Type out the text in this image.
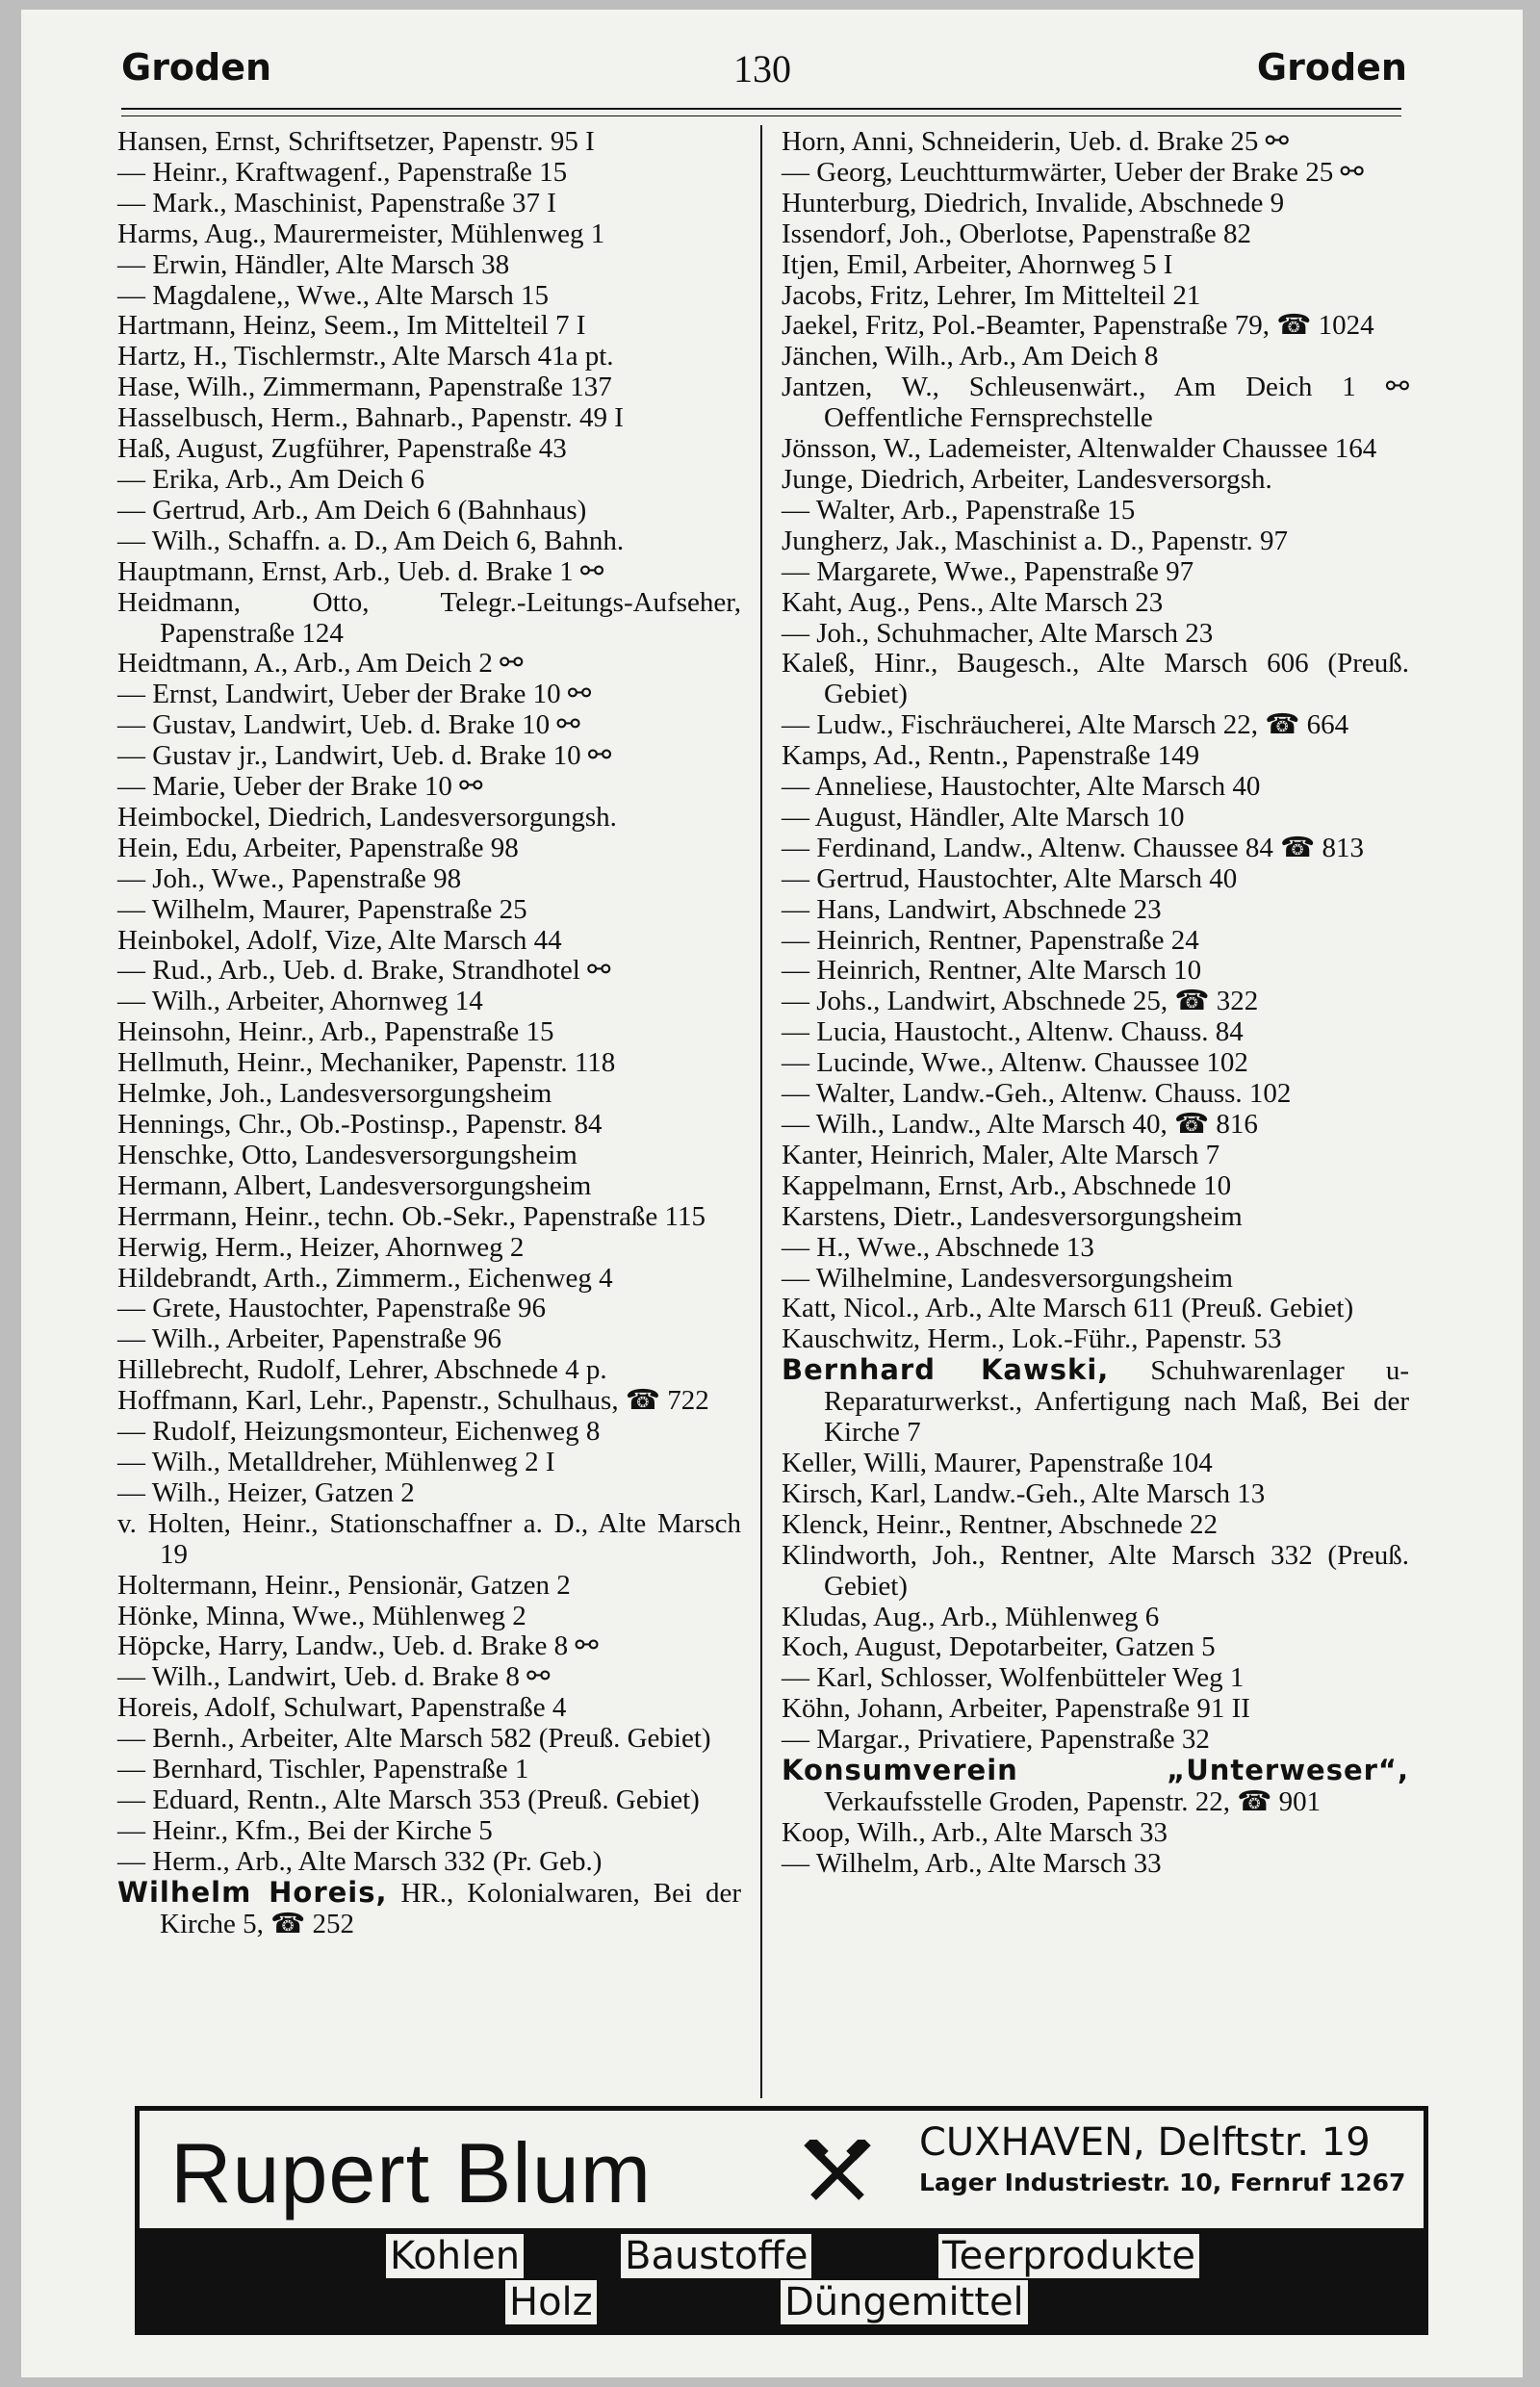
Groden	130	Groden
Hansen, Ernst, Schriftsetzer, Papenstr. 95 I
— Heinr., Kraftwagenf., Papenstraße 15
— Mark., Maschinist, Papenstraße 37 I
Harms, Aug., Maurermeister, Mühlenweg 1
— Erwin, Händler, Alte Marsch 38
— Magdalene,, Wwe., Alte Marsch 15
Hartmann, Heinz, Seem., Im Mittelteil 7 I
Hartz, H., Tischlermstr., Alte Marsch 41a pt.
Hase, Wilh., Zimmermann, Papenstraße 137
Hasselbusch, Herm., Bahnarb., Papenstr. 49 I
Haß, August, Zugführer, Papenstraße 43
— Erika, Arb., Am Deich 6
— Gertrud, Arb., Am Deich 6 (Bahnhaus)
— Wilh., Schaffn. a. D., Am Deich 6, Bahnh.
Hauptmann, Ernst, Arb., Ueb. d. Brake 1 ⚯
Heidmann, Otto, Telegr.-Leitungs-Aufseher, Papenstraße 124
Heidtmann, A., Arb., Am Deich 2 ⚯
— Ernst, Landwirt, Ueber der Brake 10 ⚯
— Gustav, Landwirt, Ueb. d. Brake 10 ⚯
— Gustav jr., Landwirt, Ueb. d. Brake 10 ⚯
— Marie, Ueber der Brake 10 ⚯
Heimbockel, Diedrich, Landesversorgungsh.
Hein, Edu, Arbeiter, Papenstraße 98
— Joh., Wwe., Papenstraße 98
— Wilhelm, Maurer, Papenstraße 25
Heinbokel, Adolf, Vize, Alte Marsch 44
— Rud., Arb., Ueb. d. Brake, Strandhotel ⚯
— Wilh., Arbeiter, Ahornweg 14
Heinsohn, Heinr., Arb., Papenstraße 15
Hellmuth, Heinr., Mechaniker, Papenstr. 118
Helmke, Joh., Landesversorgungsheim
Hennings, Chr., Ob.-Postinsp., Papenstr. 84
Henschke, Otto, Landesversorgungsheim
Hermann, Albert, Landesversorgungsheim
Herrmann, Heinr., techn. Ob.-Sekr., Papenstraße 115
Herwig, Herm., Heizer, Ahornweg 2
Hildebrandt, Arth., Zimmerm., Eichenweg 4
— Grete, Haustochter, Papenstraße 96
— Wilh., Arbeiter, Papenstraße 96
Hillebrecht, Rudolf, Lehrer, Abschnede 4 p.
Hoffmann, Karl, Lehr., Papenstr., Schulhaus, ☎ 722
— Rudolf, Heizungsmonteur, Eichenweg 8
— Wilh., Metalldreher, Mühlenweg 2 I
— Wilh., Heizer, Gatzen 2
v. Holten, Heinr., Stationschaffner a. D., Alte Marsch 19
Holtermann, Heinr., Pensionär, Gatzen 2
Hönke, Minna, Wwe., Mühlenweg 2
Höpcke, Harry, Landw., Ueb. d. Brake 8 ⚯
— Wilh., Landwirt, Ueb. d. Brake 8 ⚯
Horeis, Adolf, Schulwart, Papenstraße 4
— Bernh., Arbeiter, Alte Marsch 582 (Preuß. Gebiet)
— Bernhard, Tischler, Papenstraße 1
— Eduard, Rentn., Alte Marsch 353 (Preuß. Gebiet)
— Heinr., Kfm., Bei der Kirche 5
— Herm., Arb., Alte Marsch 332 (Pr. Geb.)
Wilhelm Horeis, HR., Kolonialwaren, Bei der Kirche 5, ☎ 252
Horn, Anni, Schneiderin, Ueb. d. Brake 25 ⚯
— Georg, Leuchtturmwärter, Ueber der Brake 25 ⚯
Hunterburg, Diedrich, Invalide, Abschnede 9
Issendorf, Joh., Oberlotse, Papenstraße 82
Itjen, Emil, Arbeiter, Ahornweg 5 I
Jacobs, Fritz, Lehrer, Im Mittelteil 21
Jaekel, Fritz, Pol.-Beamter, Papenstraße 79, ☎ 1024
Jänchen, Wilh., Arb., Am Deich 8
Jantzen, W., Schleusenwärt., Am Deich 1 ⚯ Oeffentliche Fernsprechstelle
Jönsson, W., Lademeister, Altenwalder Chaussee 164
Junge, Diedrich, Arbeiter, Landesversorgsh.
— Walter, Arb., Papenstraße 15
Jungherz, Jak., Maschinist a. D., Papenstr. 97
— Margarete, Wwe., Papenstraße 97
Kaht, Aug., Pens., Alte Marsch 23
— Joh., Schuhmacher, Alte Marsch 23
Kaleß, Hinr., Baugesch., Alte Marsch 606 (Preuß. Gebiet)
— Ludw., Fischräucherei, Alte Marsch 22, ☎ 664
Kamps, Ad., Rentn., Papenstraße 149
— Anneliese, Haustochter, Alte Marsch 40
— August, Händler, Alte Marsch 10
— Ferdinand, Landw., Altenw. Chaussee 84 ☎ 813
— Gertrud, Haustochter, Alte Marsch 40
— Hans, Landwirt, Abschnede 23
— Heinrich, Rentner, Papenstraße 24
— Heinrich, Rentner, Alte Marsch 10
— Johs., Landwirt, Abschnede 25, ☎ 322
— Lucia, Haustocht., Altenw. Chauss. 84
— Lucinde, Wwe., Altenw. Chaussee 102
— Walter, Landw.-Geh., Altenw. Chauss. 102
— Wilh., Landw., Alte Marsch 40, ☎ 816
Kanter, Heinrich, Maler, Alte Marsch 7
Kappelmann, Ernst, Arb., Abschnede 10
Karstens, Dietr., Landesversorgungsheim
— H., Wwe., Abschnede 13
— Wilhelmine, Landesversorgungsheim
Katt, Nicol., Arb., Alte Marsch 611 (Preuß. Gebiet)
Kauschwitz, Herm., Lok.-Führ., Papenstr. 53
Bernhard Kawski, Schuhwarenlager u- Reparaturwerkst., Anfertigung nach Maß, Bei der Kirche 7
Keller, Willi, Maurer, Papenstraße 104
Kirsch, Karl, Landw.-Geh., Alte Marsch 13
Klenck, Heinr., Rentner, Abschnede 22
Klindworth, Joh., Rentner, Alte Marsch 332 (Preuß. Gebiet)
Kludas, Aug., Arb., Mühlenweg 6
Koch, August, Depotarbeiter, Gatzen 5
— Karl, Schlosser, Wolfenbütteler Weg 1
Köhn, Johann, Arbeiter, Papenstraße 91 II
— Margar., Privatiere, Papenstraße 32
Konsumverein „Unterweser“, Verkaufsstelle Groden, Papenstr. 22, ☎ 901
Koop, Wilh., Arb., Alte Marsch 33
— Wilhelm, Arb., Alte Marsch 33
Rupert Blum	CUXHAVEN, Delftstr. 19
Lager Industriestr. 10, Fernruf 1267
Kohlen	Baustoffe	Teerprodukte
Holz	Düngemittel
